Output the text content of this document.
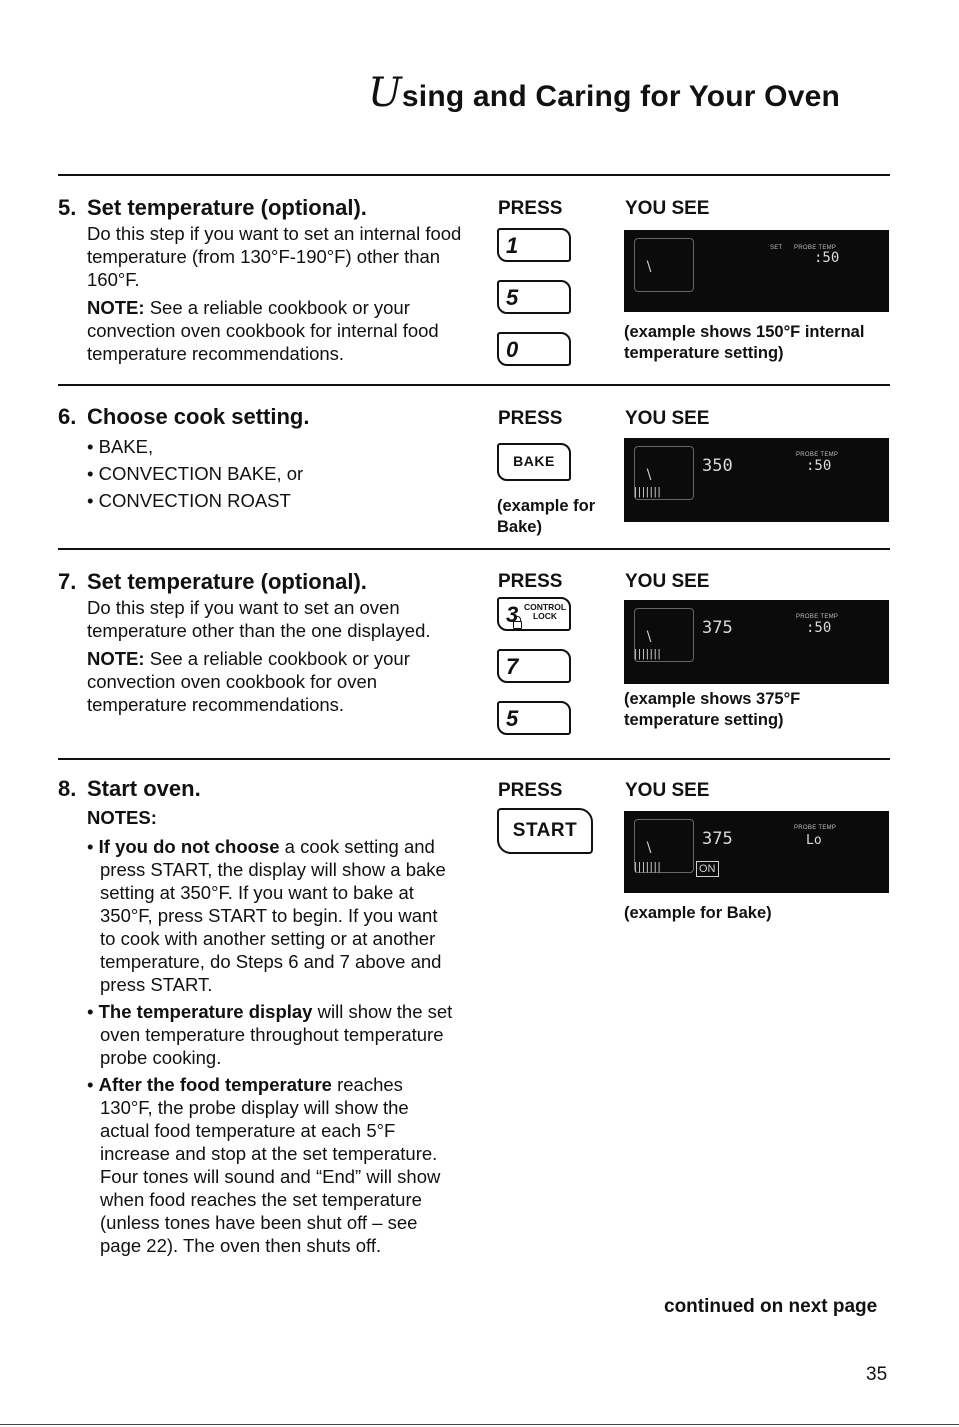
Using and Caring for Your Oven
5. Set temperature (optional).

Do this step if you want to set an internal food temperature (from 130°F-190°F) other than 160°F.

NOTE: See a reliable cookbook or your convection oven cookbook for internal food temperature recommendations.

PRESS	YOU SEE
1
5
0
∖
SET PROBE TEMP
:50
(example shows 150°F internal temperature setting)
6. Choose cook setting.
• BAKE,
• CONVECTION BAKE, or
• CONVECTION ROAST
PRESS	YOU SEE
BAKE
(example for Bake)
∖
| | | | | | |
350
PROBE TEMP
:50
7. Set temperature (optional).

Do this step if you want to set an oven temperature other than the one displayed.

NOTE: See a reliable cookbook or your convection oven cookbook for oven temperature recommendations.

PRESS	YOU SEE
3 CONTROL LOCK
7
5
∖
| | | | | | |
375
PROBE TEMP
:50
(example shows 375°F temperature setting)
8. Start oven.
NOTES:
• If you do not choose a cook setting and press START, the display will show a bake setting at 350°F. If you want to bake at 350°F, press START to begin. If you want to cook with another setting or at another temperature, do Steps 6 and 7 above and press START.
• The temperature display will show the set oven temperature throughout temperature probe cooking.
• After the food temperature reaches 130°F, the probe display will show the actual food temperature at each 5°F increase and stop at the set temperature. Four tones will sound and “End” will show when food reaches the set temperature (unless tones have been shut off – see page 22). The oven then shuts off.
PRESS	YOU SEE
START
∖
| | | | | | |	ON
375
PROBE TEMP
Lo
(example for Bake)
continued on next page
35
